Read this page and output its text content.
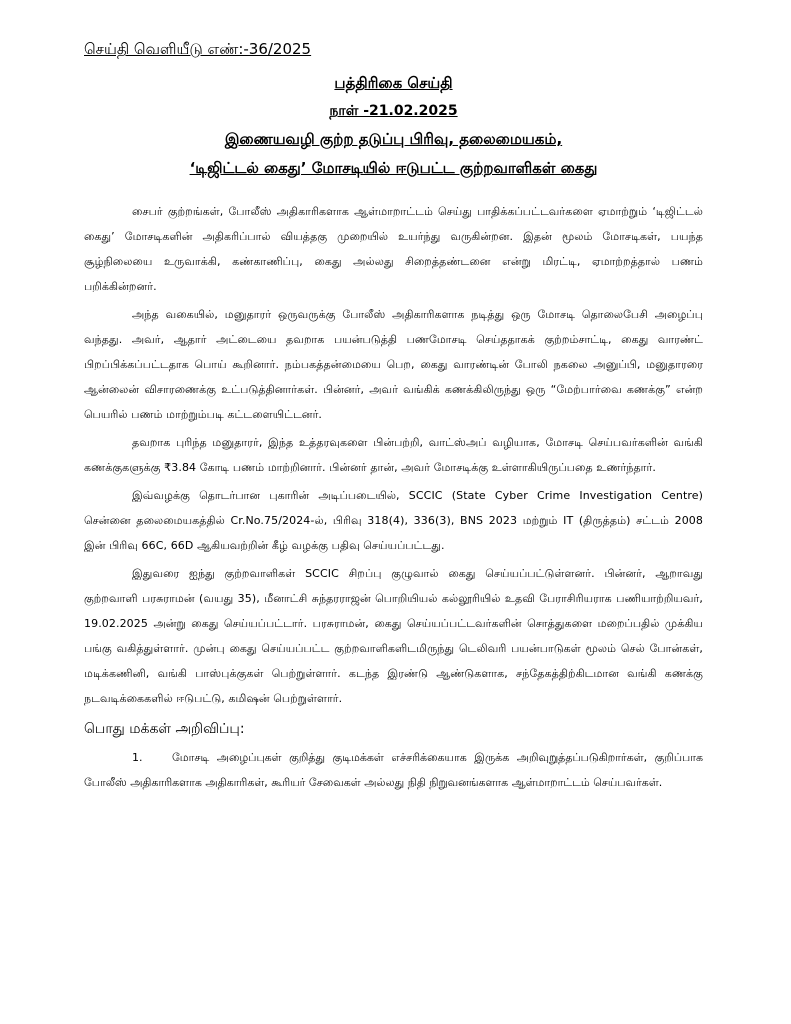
செய்தி வெளியீடு எண்:-36/2025
பத்திரிகை செய்தி
நாள் -21.02.2025
இணையவழி குற்ற தடுப்பு பிரிவு, தலைமையகம்,
‘டிஜிட்டல் கைது’ மோசடியில் ஈடுபட்ட குற்றவாளிகள் கைது

சைபர் குற்றங்கள், போலீஸ் அதிகாரிகளாக ஆள்மாறாட்டம் செய்து பாதிக்கப்பட்டவர்களை ஏமாற்றும் ‘டிஜிட்டல் கைது’ மோசடிகளின் அதிகரிப்பால் வியத்தகு முறையில் உயர்ந்து வருகின்றன. இதன் மூலம் மோசடிகள், பயந்த சூழ்நிலையை உருவாக்கி, கண்காணிப்பு, கைது அல்லது சிறைத்தண்டனை என்று மிரட்டி, ஏமாற்றத்தால் பணம் பறிக்கின்றனர்.

அந்த வகையில், மனுதாரர் ஒருவருக்கு போலீஸ் அதிகாரிகளாக நடித்து ஒரு மோசடி தொலைபேசி அழைப்பு வந்தது. அவர், ஆதார் அட்டையை தவறாக பயன்படுத்தி பணமோசடி செய்ததாகக் குற்றம்சாட்டி, கைது வாரண்ட் பிறப்பிக்கப்பட்டதாக பொய் கூறினார். நம்பகத்தன்மையை பெற, கைது வாரண்டின் போலி நகலை அனுப்பி, மனுதாரரை ஆன்லைன் விசாரணைக்கு உட்படுத்தினார்கள். பின்னர், அவர் வங்கிக் கணக்கிலிருந்து ஒரு “மேற்பார்வை கணக்கு” என்ற பெயரில் பணம் மாற்றும்படி கட்டளையிட்டனர்.

தவறாக புரிந்த மனுதாரர், இந்த உத்தரவுகளை பின்பற்றி, வாட்ஸ்அப் வழியாக, மோசடி செய்பவர்களின் வங்கி கணக்குகளுக்கு ₹3.84 கோடி பணம் மாற்றினார். பின்னர் தான், அவர் மோசடிக்கு உள்ளாகியிருப்பதை உணர்ந்தார்.

இவ்வழக்கு தொடர்பான புகாரின் அடிப்படையில், SCCIC (State Cyber Crime Investigation Centre) சென்னை தலைமையகத்தில் Cr.No.75/2024-ல், பிரிவு 318(4), 336(3), BNS 2023 மற்றும் IT (திருத்தம்) சட்டம் 2008 இன் பிரிவு 66C, 66D ஆகியவற்றின் கீழ் வழக்கு பதிவு செய்யப்பட்டது.

இதுவரை ஐந்து குற்றவாளிகள் SCCIC சிறப்பு குழுவால் கைது செய்யப்பட்டுள்ளனர். பின்னர், ஆறாவது குற்றவாளி பரசுராமன் (வயது 35), மீனாட்சி சுந்தரராஜன் பொறியியல் கல்லூரியில் உதவி பேராசிரியராக பணியாற்றியவர், 19.02.2025 அன்று கைது செய்யப்பட்டார். பரசுராமன், கைது செய்யப்பட்டவர்களின் சொத்துகளை மறைப்பதில் முக்கிய பங்கு வகித்துள்ளார். முன்பு கைது செய்யப்பட்ட குற்றவாளிகளிடமிருந்து டெலிவரி பயன்பாடுகள் மூலம் செல் போன்கள், மடிக்கணினி, வங்கி பாஸ்புக்குகள் பெற்றுள்ளார். கடந்த இரண்டு ஆண்டுகளாக, சந்தேகத்திற்கிடமான வங்கி கணக்கு நடவடிக்கைகளில் ஈடுபட்டு, கமிஷன் பெற்றுள்ளார்.

பொது மக்கள் அறிவிப்பு:
1.	மோசடி அழைப்புகள் குறித்து குடிமக்கள் எச்சரிக்கையாக இருக்க அறிவுறுத்தப்படுகிறார்கள், குறிப்பாக போலீஸ் அதிகாரிகளாக அதிகாரிகள், கூரியர் சேவைகள் அல்லது நிதி நிறுவனங்களாக ஆள்மாறாட்டம் செய்பவர்கள்.
